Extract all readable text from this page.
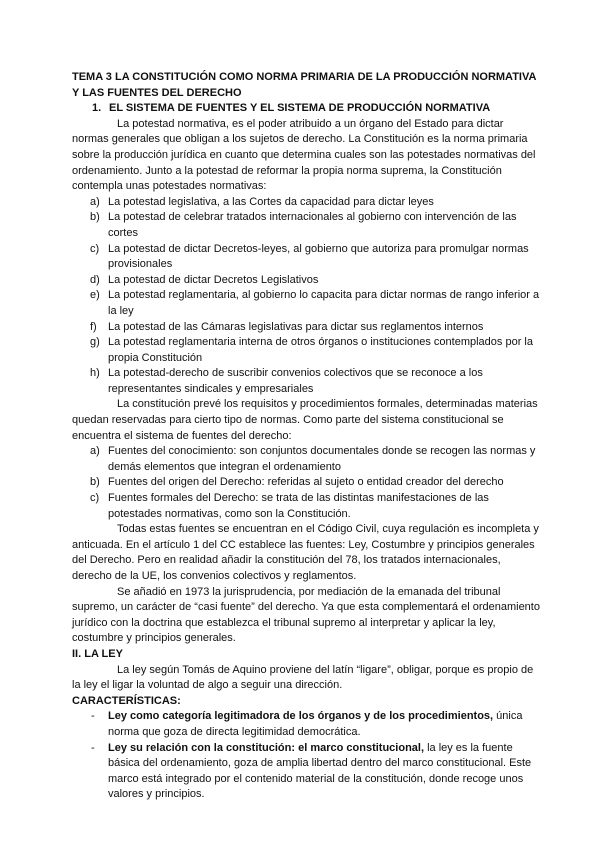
TEMA 3 LA CONSTITUCIÓN COMO NORMA PRIMARIA DE LA PRODUCCIÓN NORMATIVA Y LAS FUENTES DEL DERECHO

1. EL SISTEMA DE FUENTES Y EL SISTEMA DE PRODUCCIÓN NORMATIVA

La potestad normativa, es el poder atribuido a un órgano del Estado para dictar normas generales que obligan a los sujetos de derecho. La Constitución es la norma primaria sobre la producción jurídica en cuanto que determina cuales son las potestades normativas del ordenamiento. Junto a la potestad de reformar la propia norma suprema, la Constitución contempla unas potestades normativas:

a) La potestad legislativa, a las Cortes da capacidad para dictar leyes
b) La potestad de celebrar tratados internacionales al gobierno con intervención de las cortes
c) La potestad de dictar Decretos-leyes, al gobierno que autoriza para promulgar normas provisionales
d) La potestad de dictar Decretos Legislativos
e) La potestad reglamentaria, al gobierno lo capacita para dictar normas de rango inferior a la ley
f) La potestad de las Cámaras legislativas para dictar sus reglamentos internos
g) La potestad reglamentaria interna de otros órganos o instituciones contemplados por la propia Constitución
h) La potestad-derecho de suscribir convenios colectivos que se reconoce a los representantes sindicales y empresariales

La constitución prevé los requisitos y procedimientos formales, determinadas materias quedan reservadas para cierto tipo de normas. Como parte del sistema constitucional se encuentra el sistema de fuentes del derecho:

a) Fuentes del conocimiento: son conjuntos documentales donde se recogen las normas y demás elementos que integran el ordenamiento
b) Fuentes del origen del Derecho: referidas al sujeto o entidad creador del derecho
c) Fuentes formales del Derecho: se trata de las distintas manifestaciones de las potestades normativas, como son la Constitución.

Todas estas fuentes se encuentran en el Código Civil, cuya regulación es incompleta y anticuada. En el artículo 1 del CC establece las fuentes: Ley, Costumbre y principios generales del Derecho. Pero en realidad añadir la constitución del 78, los tratados internacionales, derecho de la UE, los convenios colectivos y reglamentos.

Se añadió en 1973 la jurisprudencia, por mediación de la emanada del tribunal supremo, un carácter de “casi fuente” del derecho. Ya que esta complementará el ordenamiento jurídico con la doctrina que establezca el tribunal supremo al interpretar y aplicar la ley, costumbre y principios generales.

II. LA LEY

La ley según Tomás de Aquino proviene del latín “ligare”, obligar, porque es propio de la ley el ligar la voluntad de algo a seguir una dirección.

CARACTERÍSTICAS:

- Ley como categoría legitimadora de los órganos y de los procedimientos, única norma que goza de directa legitimidad democrática.
- Ley su relación con la constitución: el marco constitucional, la ley es la fuente básica del ordenamiento, goza de amplia libertad dentro del marco constitucional. Este marco está integrado por el contenido material de la constitución, donde recoge unos valores y principios.
